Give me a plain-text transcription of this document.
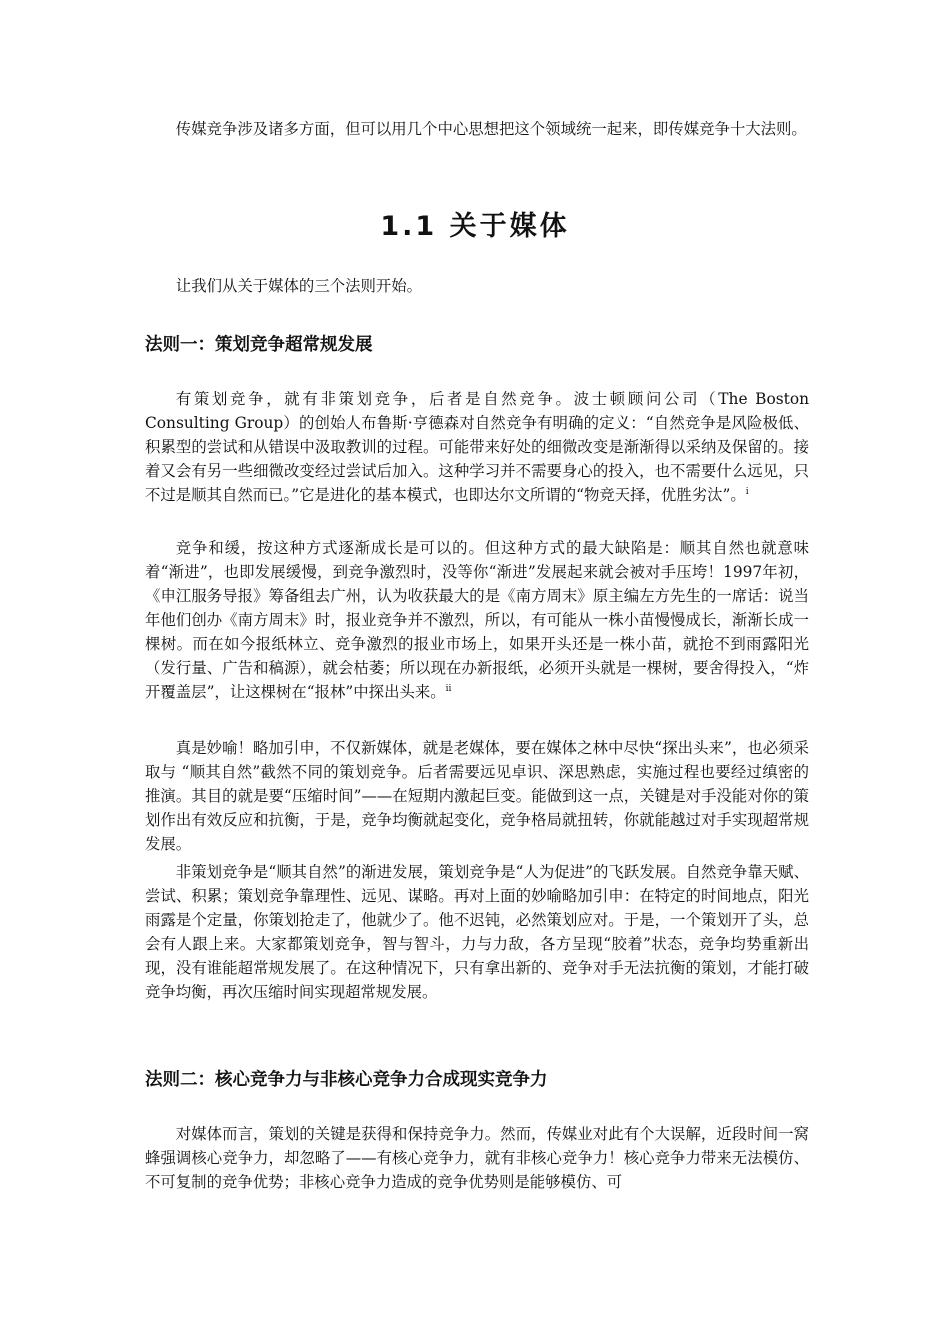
传媒竞争涉及诸多方面，但可以用几个中心思想把这个领域统一起来，即传媒竞争十大法则。

1.1 关于媒体

让我们从关于媒体的三个法则开始。

法则一：策划竞争超常规发展

有策划竞争，就有非策划竞争，后者是自然竞争。波士顿顾问公司（The Boston Consulting Group）的创始人布鲁斯·亨德森对自然竞争有明确的定义：“自然竞争是风险极低、积累型的尝试和从错误中汲取教训的过程。可能带来好处的细微改变是渐渐得以采纳及保留的。接着又会有另一些细微改变经过尝试后加入。这种学习并不需要身心的投入，也不需要什么远见，只不过是顺其自然而已。”它是进化的基本模式，也即达尔文所谓的“物竞天择，优胜劣汰”。$^i$

竞争和缓，按这种方式逐渐成长是可以的。但这种方式的最大缺陷是：顺其自然也就意味着“渐进”，也即发展缓慢，到竞争激烈时，没等你“渐进”发展起来就会被对手压垮！1997年初，《申江服务导报》筹备组去广州，认为收获最大的是《南方周末》原主编左方先生的一席话：说当年他们创办《南方周末》时，报业竞争并不激烈，所以，有可能从一株小苗慢慢成长，渐渐长成一棵树。而在如今报纸林立、竞争激烈的报业市场上，如果开头还是一株小苗，就抢不到雨露阳光（发行量、广告和稿源），就会枯萎；所以现在办新报纸，必须开头就是一棵树，要舍得投入，“炸开覆盖层”，让这棵树在“报林”中探出头来。$^{ii}$

真是妙喻！略加引申，不仅新媒体，就是老媒体，要在媒体之林中尽快“探出头来”，也必须采取与 “顺其自然”截然不同的策划竞争。后者需要远见卓识、深思熟虑，实施过程也要经过缜密的推演。其目的就是要“压缩时间”——在短期内激起巨变。能做到这一点，关键是对手没能对你的策划作出有效反应和抗衡，于是，竞争均衡就起变化，竞争格局就扭转，你就能越过对手实现超常规发展。

非策划竞争是“顺其自然”的渐进发展，策划竞争是“人为促进”的飞跃发展。自然竞争靠天赋、尝试、积累；策划竞争靠理性、远见、谋略。再对上面的妙喻略加引申：在特定的时间地点，阳光雨露是个定量，你策划抢走了，他就少了。他不迟钝，必然策划应对。于是，一个策划开了头，总会有人跟上来。大家都策划竞争，智与智斗，力与力敌，各方呈现“胶着”状态，竞争均势重新出现，没有谁能超常规发展了。在这种情况下，只有拿出新的、竞争对手无法抗衡的策划，才能打破竞争均衡，再次压缩时间实现超常规发展。

法则二：核心竞争力与非核心竞争力合成现实竞争力

对媒体而言，策划的关键是获得和保持竞争力。然而，传媒业对此有个大误解，近段时间一窝蜂强调核心竞争力，却忽略了——有核心竞争力，就有非核心竞争力！核心竞争力带来无法模仿、不可复制的竞争优势；非核心竞争力造成的竞争优势则是能够模仿、可
